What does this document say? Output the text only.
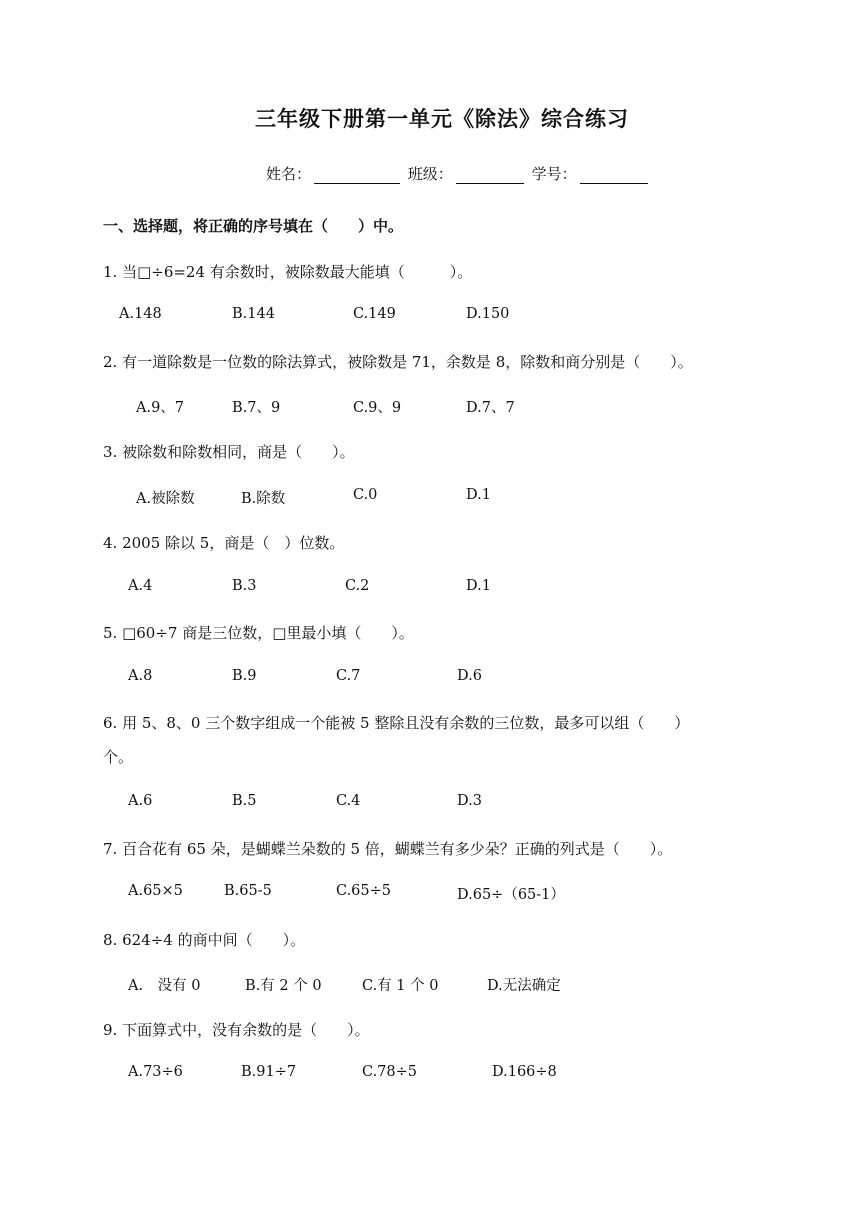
三年级下册第一单元《除法》综合练习
姓名：	班级：	学号：
一、选择题，将正确的序号填在（　　）中。
1. 当□÷6=24 有余数时，被除数最大能填（　　　）。
A.148	B.144	C.149	D.150
2. 有一道除数是一位数的除法算式，被除数是 71，余数是 8，除数和商分别是（　　）。
A.9、7	B.7、9	C.9、9	D.7、7
3. 被除数和除数相同，商是（　　）。
A.被除数	B.除数	C.0	D.1
4. 2005 除以 5，商是（　）位数。
A.4	B.3	C.2	D.1
5. □60÷7 商是三位数，□里最小填（　　）。
A.8	B.9	C.7	D.6
6. 用 5、8、0 三个数字组成一个能被 5 整除且没有余数的三位数，最多可以组（　　）
个。
A.6	B.5	C.4	D.3
7. 百合花有 65 朵，是蝴蝶兰朵数的 5 倍，蝴蝶兰有多少朵？正确的列式是（　　）。
A.65×5	B.65-5	C.65÷5	D.65÷（65-1）
8. 624÷4 的商中间（　　）。
A.　没有 0	B.有 2 个 0	C.有 1 个 0	D.无法确定
9. 下面算式中，没有余数的是（　　）。
A.73÷6	B.91÷7	C.78÷5	D.166÷8
